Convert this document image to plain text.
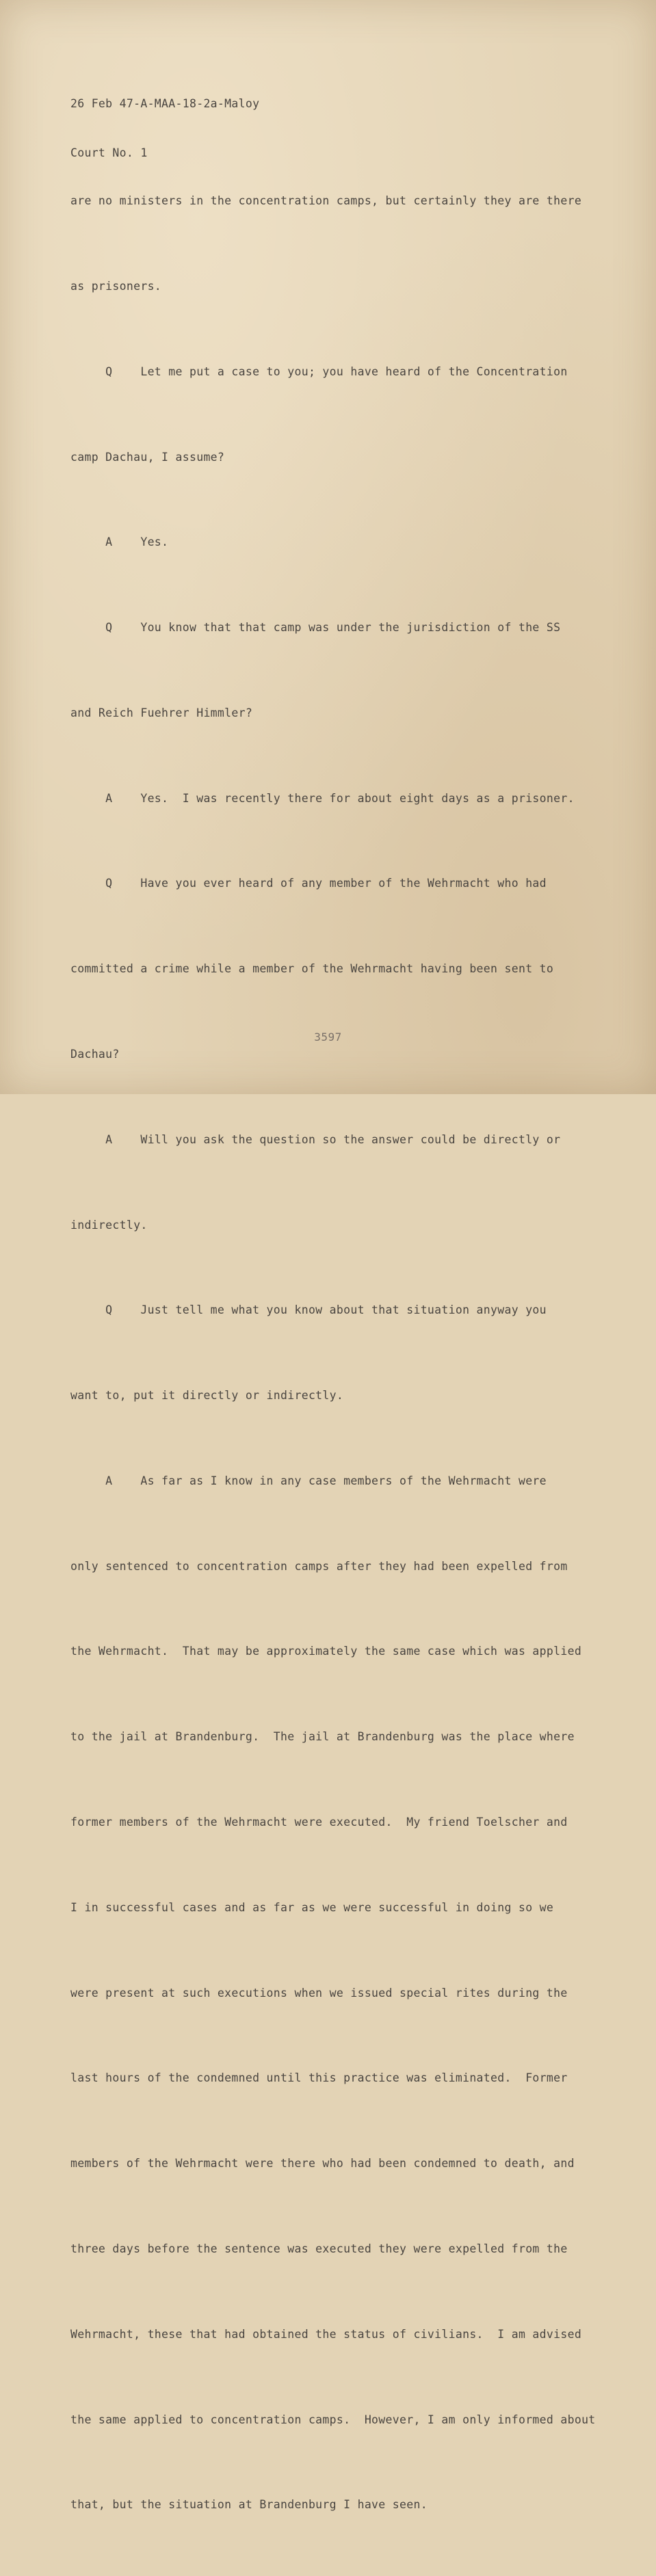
26 Feb 47-A-MAA-18-2a-Maloy

Court No. 1

are no ministers in the concentration camps, but certainly they are there

as prisoners.

Q    Let me put a case to you; you have heard of the Concentration

camp Dachau, I assume?

A    Yes.

Q    You know that that camp was under the jurisdiction of the SS

and Reich Fuehrer Himmler?

A    Yes.  I was recently there for about eight days as a prisoner.

Q    Have you ever heard of any member of the Wehrmacht who had

committed a crime while a member of the Wehrmacht having been sent to

Dachau?

A    Will you ask the question so the answer could be directly or

indirectly.

Q    Just tell me what you know about that situation anyway you

want to, put it directly or indirectly.

A    As far as I know in any case members of the Wehrmacht were

only sentenced to concentration camps after they had been expelled from

the Wehrmacht.  That may be approximately the same case which was applied

to the jail at Brandenburg.  The jail at Brandenburg was the place where

former members of the Wehrmacht were executed.  My friend Toelscher and

I in successful cases and as far as we were successful in doing so we

were present at such executions when we issued special rites during the

last hours of the condemned until this practice was eliminated.  Former

members of the Wehrmacht were there who had been condemned to death, and

three days before the sentence was executed they were expelled from the

Wehrmacht, these that had obtained the status of civilians.  I am advised

the same applied to concentration camps.  However, I am only informed about

that, but the situation at Brandenburg I have seen.

3597
